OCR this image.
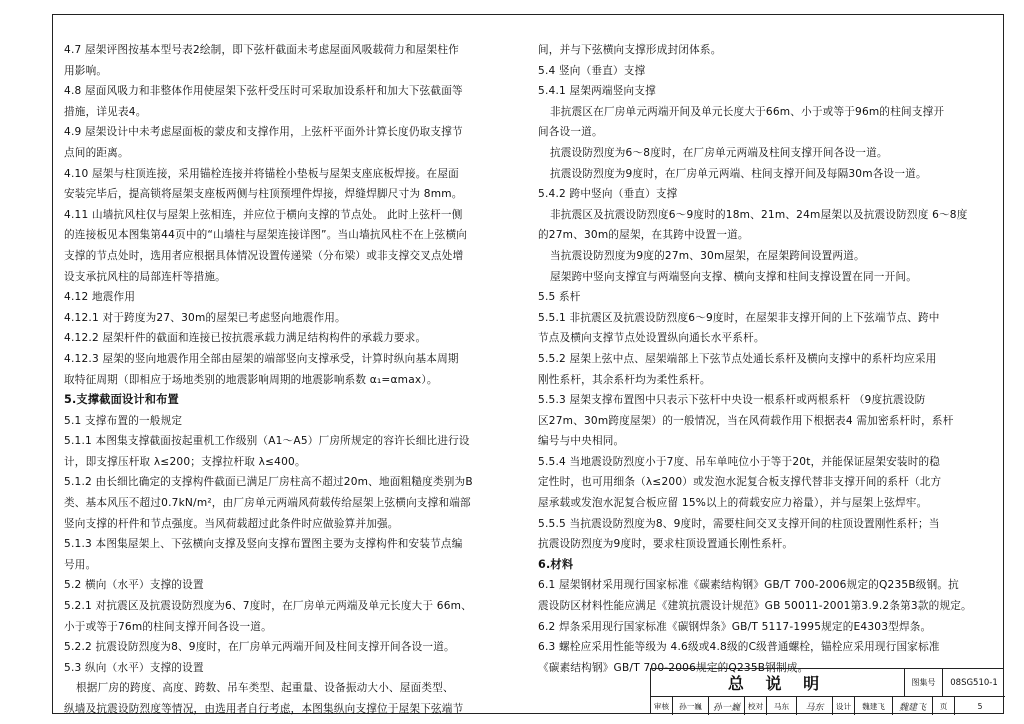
4.7 屋架评图按基本型号表2绘制，即下弦杆截面未考虑屋面风吸载荷力和屋架柱作

用影响。

4.8 屋面风吸力和非整体作用使屋架下弦杆受压时可采取加设系杆和加大下弦截面等

措施，详见表4。

4.9 屋架设计中未考虑屋面板的蒙皮和支撑作用，上弦杆平面外计算长度仍取支撑节

点间的距离。

4.10 屋架与柱顶连接，采用锚栓连接并将锚栓小垫板与屋架支座底板焊接。在屋面

安装完毕后，提高锁将屋架支座板两侧与柱顶预埋件焊接，焊缝焊脚尺寸为 8mm。

4.11 山墙抗风柱仅与屋架上弦相连，并应位于横向支撑的节点处。 此时上弦杆一侧

的连接板见本图集第44页中的“山墙柱与屋架连接详图”。当山墙抗风柱不在上弦横向

支撑的节点处时，选用者应根据具体情况设置传递梁（分布梁）或非支撑交叉点处增

设支承抗风柱的局部连杆等措施。

4.12 地震作用

4.12.1 对于跨度为27、30m的屋架已考虑竖向地震作用。

4.12.2 屋架杆件的截面和连接已按抗震承载力满足结构构件的承载力要求。

4.12.3 屋架的竖向地震作用全部由屋架的端部竖向支撑承受，计算时纵向基本周期

取特征周期（即相应于场地类别的地震影响周期的地震影响系数 α₁=αmax）。

5.支撑截面设计和布置

5.1 支撑布置的一般规定

5.1.1 本图集支撑截面按起重机工作级别（A1～A5）厂房所规定的容许长细比进行设

计，即支撑压杆取 λ≤200；支撑拉杆取 λ≤400。

5.1.2 由长细比确定的支撑构件截面已满足厂房柱高不超过20m、地面粗糙度类别为B

类、基本风压不超过0.7kN/m²，由厂房单元两端风荷载传给屋架上弦横向支撑和端部

竖向支撑的杆件和节点强度。当风荷载超过此条件时应做验算并加强。

5.1.3 本图集屋架上、下弦横向支撑及竖向支撑布置图主要为支撑构件和安装节点编

号用。

5.2 横向（水平）支撑的设置

5.2.1 对抗震区及抗震设防烈度为6、7度时，在厂房单元两端及单元长度大于 66m、

小于或等于76m的柱间支撑开间各设一道。

5.2.2 抗震设防烈度为8、9度时，在厂房单元两端开间及柱间支撑开间各设一道。

5.3 纵向（水平）支撑的设置

根据厂房的跨度、高度、跨数、吊车类型、起重量、设备振动大小、屋面类型、

纵墙及抗震设防烈度等情况，由选用者自行考虑，本图集纵向支撑位于屋架下弦端节

间，并与下弦横向支撑形成封闭体系。

5.4 竖向（垂直）支撑

5.4.1 屋架两端竖向支撑

非抗震区在厂房单元两端开间及单元长度大于66m、小于或等于96m的柱间支撑开

间各设一道。

抗震设防烈度为6～8度时，在厂房单元两端及柱间支撑开间各设一道。

抗震设防烈度为9度时，在厂房单元两端、柱间支撑开间及每隔30m各设一道。

5.4.2 跨中竖向（垂直）支撑

非抗震区及抗震设防烈度6～9度时的18m、21m、24m屋架以及抗震设防烈度 6～8度

的27m、30m的屋架，在其跨中设置一道。

当抗震设防烈度为9度的27m、30m屋架，在屋架跨间设置两道。

屋架跨中竖向支撑宜与两端竖向支撑、横向支撑和柱间支撑设置在同一开间。

5.5 系杆

5.5.1 非抗震区及抗震设防烈度6～9度时，在屋架非支撑开间的上下弦端节点、跨中

节点及横向支撑节点处设置纵向通长水平系杆。

5.5.2 屋架上弦中点、屋架端部上下弦节点处通长系杆及横向支撑中的系杆均应采用

刚性系杆，其余系杆均为柔性系杆。

5.5.3 屋架支撑布置图中只表示下弦杆中央设一根系杆或两根系杆 （9度抗震设防

区27m、30m跨度屋架）的一般情况，当在风荷载作用下根据表4 需加密系杆时，系杆

编号与中央相同。

5.5.4 当地震设防烈度小于7度、吊车单吨位小于等于20t，并能保证屋架安装时的稳

定性时，也可用细条（λ≤200）或发泡水泥复合板支撑代替非支撑开间的系杆（北方

屋承载或发泡水泥复合板应留 15%以上的荷载安应力裕量），并与屋架上弦焊牢。

5.5.5 当抗震设防烈度为8、9度时，需要柱间交叉支撑开间的柱顶设置刚性系杆；当

抗震设防烈度为9度时，要求柱顶设置通长刚性系杆。

6.材料

6.1 屋架钢材采用现行国家标准《碳素结构钢》GB/T 700-2006规定的Q235B级钢。抗

震设防区材料性能应满足《建筑抗震设计规范》GB 50011-2001第3.9.2条第3款的规定。

6.2 焊条采用现行国家标准《碳钢焊条》GB/T 5117-1995规定的E4303型焊条。

6.3 螺栓应采用性能等级为 4.6级或4.8级的C级普通螺栓，锚栓应采用现行国家标准

《碳素结构钢》GB/T 700-2006规定的Q235B钢制成。

总 说 明	图集号	08SG510-1
审核	孙一巍	孙一巍	校对	马东	马东	设计	魏建飞	魏建飞	页	5
